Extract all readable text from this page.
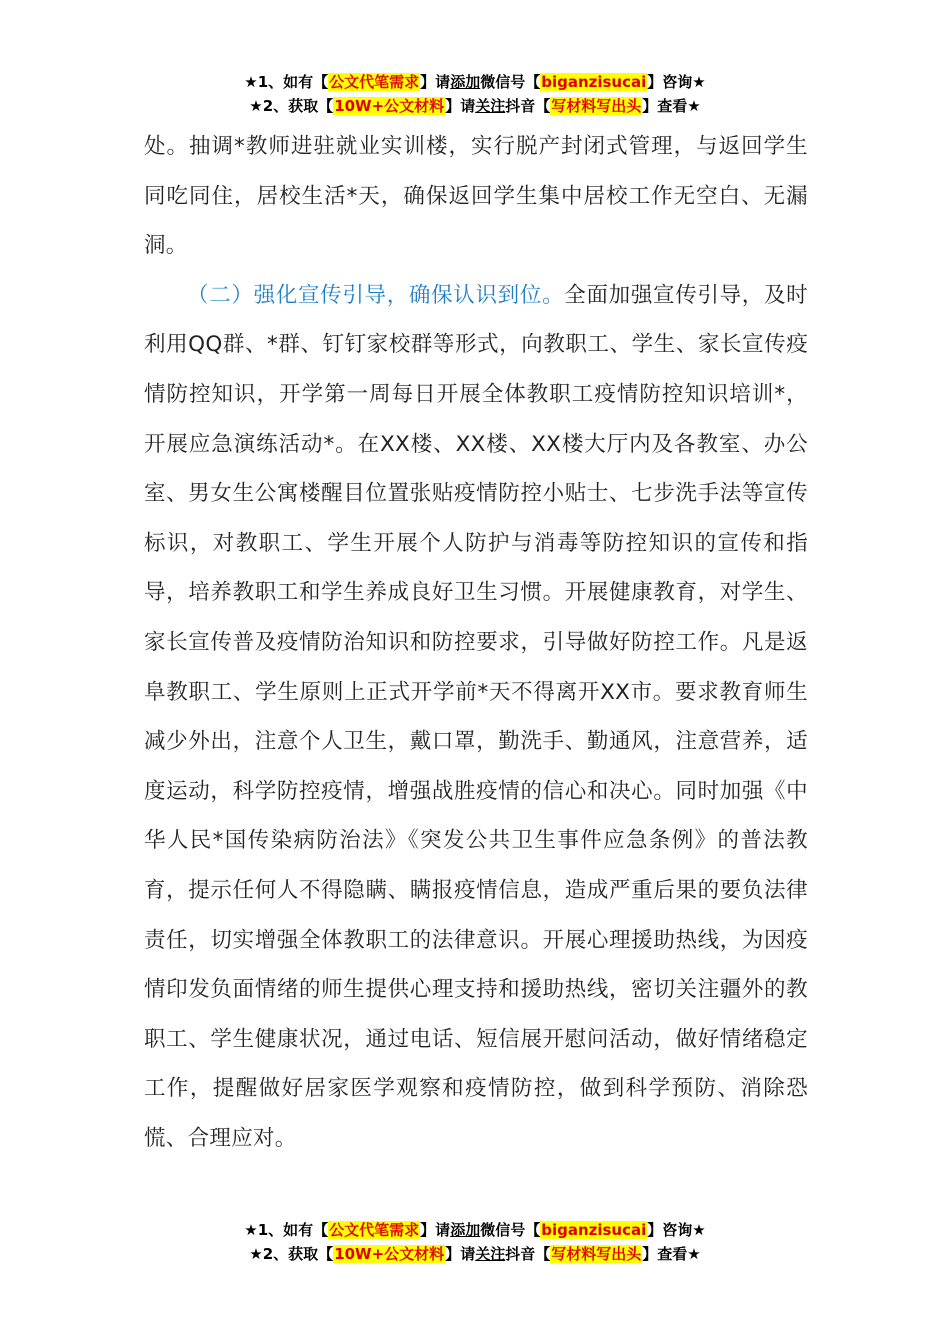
★1、如有【公文代笔需求】请添加微信号【biganzisucai】咨询★
★2、获取【10W+公文材料】请关注抖音【写材料写出头】查看★

处。抽调*教师进驻就业实训楼，实行脱产封闭式管理，与返回学生同吃同住，居校生活*天，确保返回学生集中居校工作无空白、无漏洞。

（二）强化宣传引导，确保认识到位。全面加强宣传引导，及时利用QQ群、*群、钉钉家校群等形式，向教职工、学生、家长宣传疫情防控知识，开学第一周每日开展全体教职工疫情防控知识培训*，开展应急演练活动*。在XX楼、XX楼、XX楼大厅内及各教室、办公室、男女生公寓楼醒目位置张贴疫情防控小贴士、七步洗手法等宣传标识，对教职工、学生开展个人防护与消毒等防控知识的宣传和指导，培养教职工和学生养成良好卫生习惯。开展健康教育，对学生、家长宣传普及疫情防治知识和防控要求，引导做好防控工作。凡是返阜教职工、学生原则上正式开学前*天不得离开XX市。要求教育师生减少外出，注意个人卫生，戴口罩，勤洗手、勤通风，注意营养，适度运动，科学防控疫情，增强战胜疫情的信心和决心。同时加强《中华人民*国传染病防治法》《突发公共卫生事件应急条例》的普法教育，提示任何人不得隐瞒、瞒报疫情信息，造成严重后果的要负法律责任，切实增强全体教职工的法律意识。开展心理援助热线，为因疫情印发负面情绪的师生提供心理支持和援助热线，密切关注疆外的教职工、学生健康状况，通过电话、短信展开慰问活动，做好情绪稳定工作，提醒做好居家医学观察和疫情防控，做到科学预防、消除恐慌、合理应对。

★1、如有【公文代笔需求】请添加微信号【biganzisucai】咨询★
★2、获取【10W+公文材料】请关注抖音【写材料写出头】查看★
